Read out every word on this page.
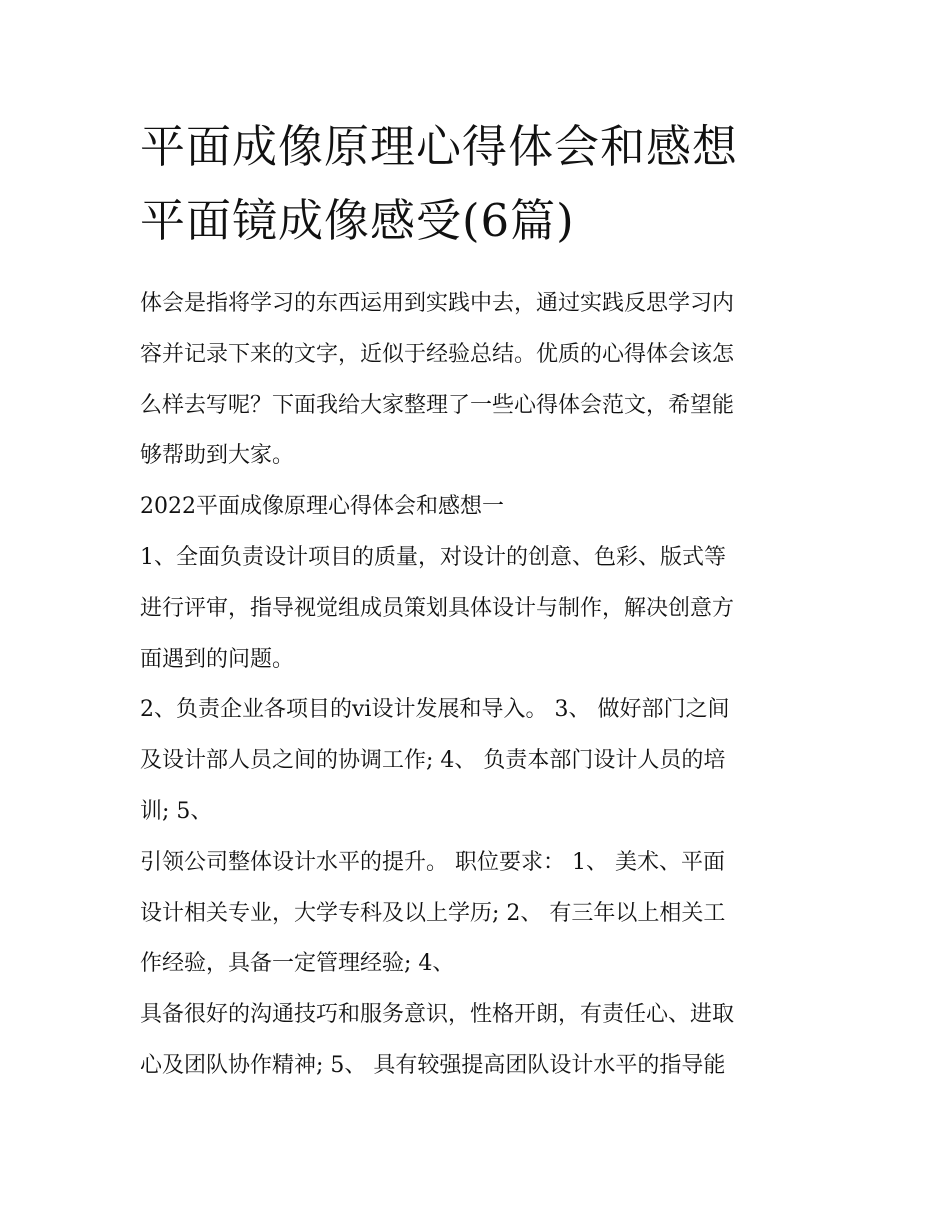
平面成像原理心得体会和感想
平面镜成像感受(6篇)

体会是指将学习的东西运用到实践中去，通过实践反思学习内
容并记录下来的文字，近似于经验总结。优质的心得体会该怎
么样去写呢？下面我给大家整理了一些心得体会范文，希望能
够帮助到大家。

2022平面成像原理心得体会和感想一

1、全面负责设计项目的质量，对设计的创意、色彩、版式等
进行评审，指导视觉组成员策划具体设计与制作，解决创意方
面遇到的问题。

2、负责企业各项目的vi设计发展和导入。 3、 做好部门之间
及设计部人员之间的协调工作; 4、 负责本部门设计人员的培
训; 5、

引领公司整体设计水平的提升。 职位要求： 1、 美术、平面
设计相关专业，大学专科及以上学历; 2、 有三年以上相关工
作经验，具备一定管理经验; 4、

具备很好的沟通技巧和服务意识，性格开朗，有责任心、进取
心及团队协作精神; 5、 具有较强提高团队设计水平的指导能
